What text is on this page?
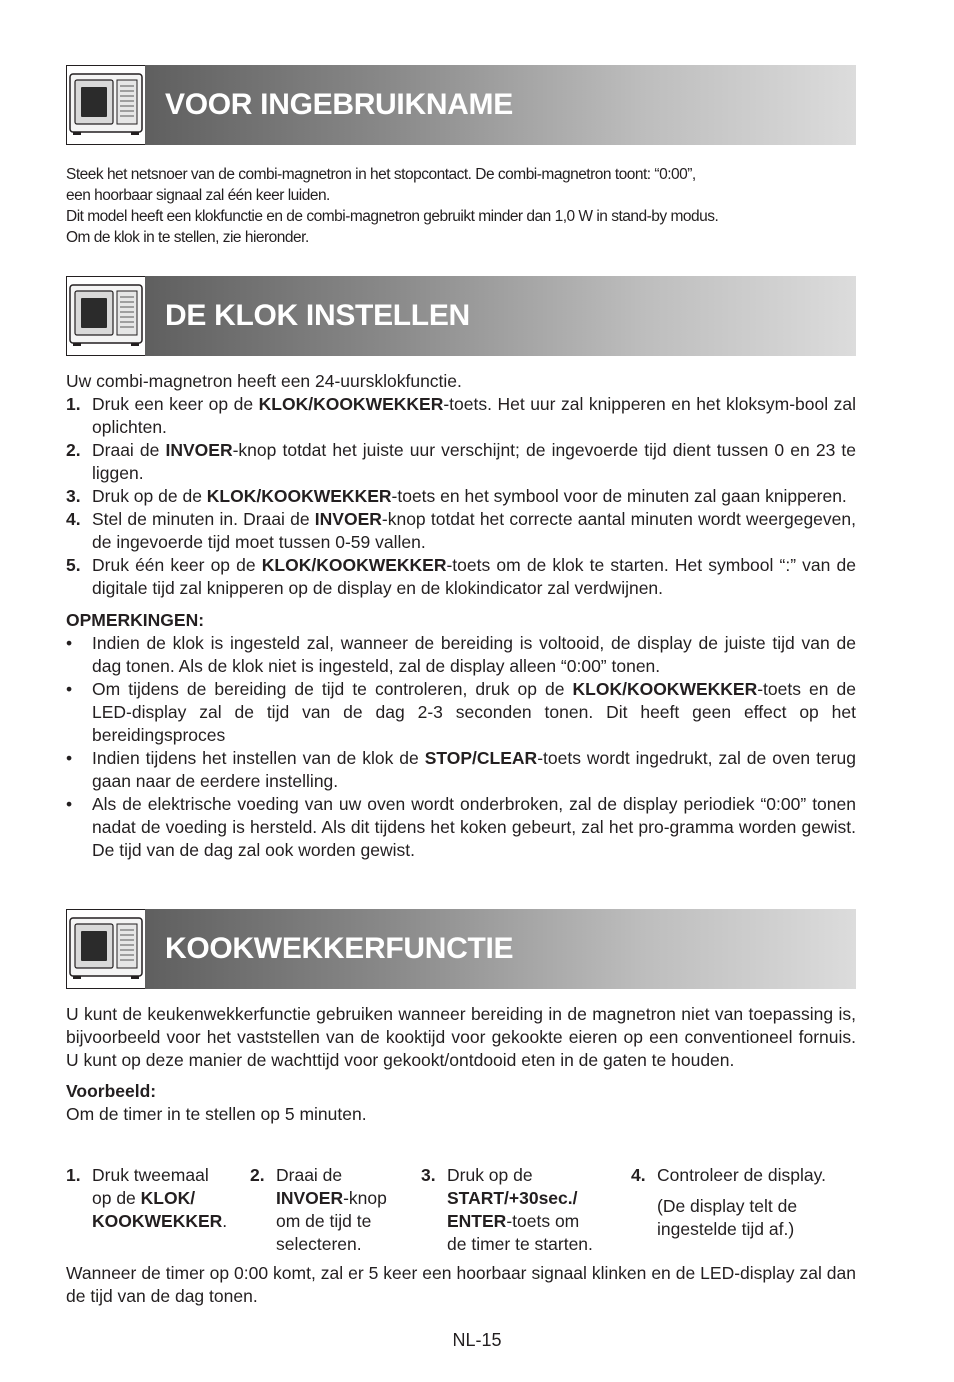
VOOR INGEBRUIKNAME
Steek het netsnoer van de combi-magnetron in het stopcontact. De combi-magnetron toont: “0:00”,
een hoorbaar signaal zal één keer luiden.
Dit model heeft een klokfunctie en de combi-magnetron gebruikt minder dan 1,0 W in stand-by modus.
Om de klok in te stellen, zie hieronder.
DE KLOK INSTELLEN
Uw combi-magnetron heeft een 24-uursklokfunctie.
1. Druk een keer op de KLOK/KOOKWEKKER-toets. Het uur zal knipperen en het kloksym-bool zal oplichten.
2. Draai de INVOER-knop totdat het juiste uur verschijnt; de ingevoerde tijd dient tussen 0 en 23 te liggen.
3. Druk op de de KLOK/KOOKWEKKER-toets en het symbool voor de minuten zal gaan knipperen.
4. Stel de minuten in. Draai de INVOER-knop totdat het correcte aantal minuten wordt weergegeven, de ingevoerde tijd moet tussen 0-59 vallen.
5. Druk één keer op de KLOK/KOOKWEKKER-toets om de klok te starten. Het symbool “:” van de digitale tijd zal knipperen op de display en de klokindicator zal verdwijnen.
OPMERKINGEN:
• Indien de klok is ingesteld zal, wanneer de bereiding is voltooid, de display de juiste tijd van de dag tonen. Als de klok niet is ingesteld, zal de display alleen “0:00” tonen.
• Om tijdens de bereiding de tijd te controleren, druk op de KLOK/KOOKWEKKER-toets en de LED-display zal de tijd van de dag 2-3 seconden tonen. Dit heeft geen effect op het bereidingsproces
• Indien tijdens het instellen van de klok de STOP/CLEAR-toets wordt ingedrukt, zal de oven terug gaan naar de eerdere instelling.
• Als de elektrische voeding van uw oven wordt onderbroken, zal de display periodiek “0:00” tonen nadat de voeding is hersteld. Als dit tijdens het koken gebeurt, zal het pro-gramma worden gewist. De tijd van de dag zal ook worden gewist.
KOOKWEKKERFUNCTIE
U kunt de keukenwekkerfunctie gebruiken wanneer bereiding in de magnetron niet van toepassing is, bijvoorbeeld voor het vaststellen van de kooktijd voor gekookte eieren op een conventioneel fornuis. U kunt op deze manier de wachttijd voor gekookt/ontdooid eten in de gaten te houden.
Voorbeeld:
Om de timer in te stellen op 5 minuten.
1. Druk tweemaal
op de KLOK/
KOOKWEKKER.
2. Draai de
INVOER-knop
om de tijd te
selecteren.
3. Druk op de
START/+30sec./
ENTER-toets om
de timer te starten.
4. Controleer de display.
(De display telt de
ingestelde tijd af.)
Wanneer de timer op 0:00 komt, zal er 5 keer een hoorbaar signaal klinken en de LED-display zal dan de tijd van de dag tonen.
NL-15
